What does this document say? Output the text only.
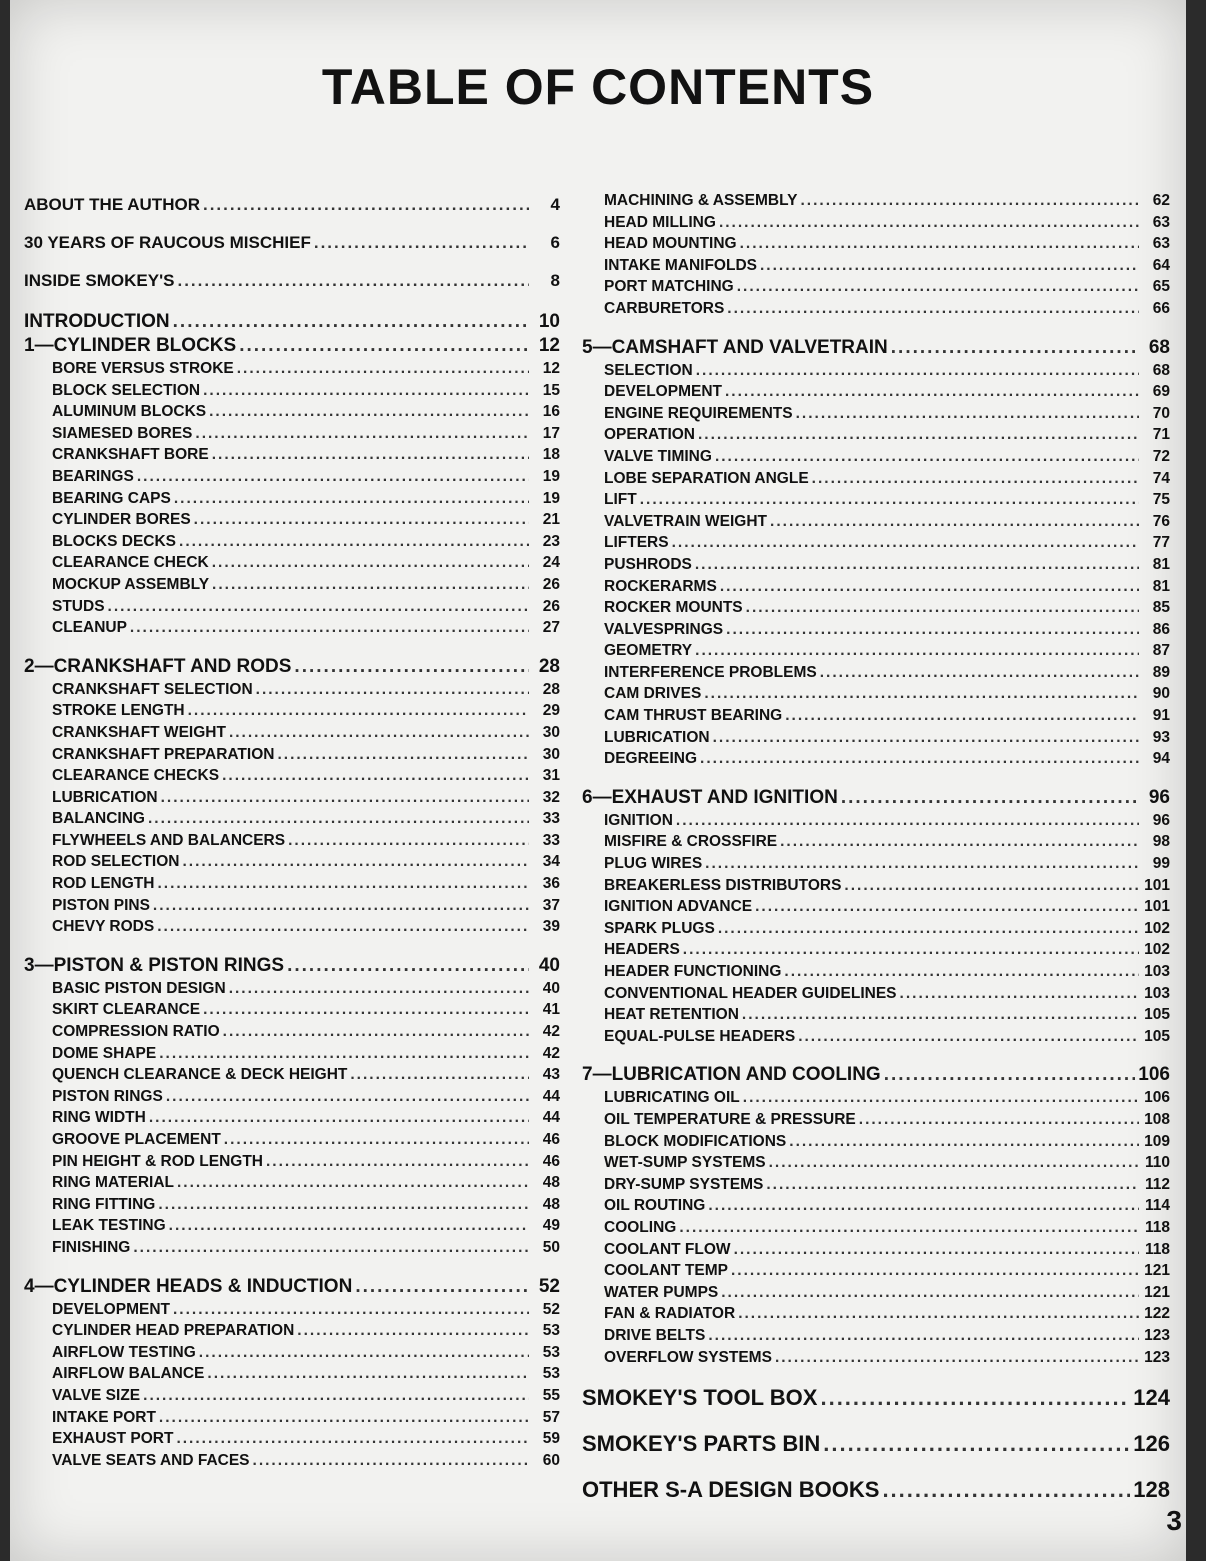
TABLE OF CONTENTS
ABOUT THE AUTHOR .....	4
30 YEARS OF RAUCOUS MISCHIEF .....	6
INSIDE SMOKEY'S .....	8
INTRODUCTION .....	10
1—CYLINDER BLOCKS .....	12
BORE VERSUS STROKE .....	12
BLOCK SELECTION .....	15
ALUMINUM BLOCKS .....	16
SIAMESED BORES .....	17
CRANKSHAFT BORE .....	18
BEARINGS .....	19
BEARING CAPS .....	19
CYLINDER BORES .....	21
BLOCKS DECKS .....	23
CLEARANCE CHECK .....	24
MOCKUP ASSEMBLY .....	26
STUDS .....	26
CLEANUP .....	27
2—CRANKSHAFT AND RODS .....	28
CRANKSHAFT SELECTION .....	28
STROKE LENGTH .....	29
CRANKSHAFT WEIGHT .....	30
CRANKSHAFT PREPARATION .....	30
CLEARANCE CHECKS .....	31
LUBRICATION .....	32
BALANCING .....	33
FLYWHEELS AND BALANCERS .....	33
ROD SELECTION .....	34
ROD LENGTH .....	36
PISTON PINS .....	37
CHEVY RODS .....	39
3—PISTON & PISTON RINGS .....	40
BASIC PISTON DESIGN .....	40
SKIRT CLEARANCE .....	41
COMPRESSION RATIO .....	42
DOME SHAPE .....	42
QUENCH CLEARANCE & DECK HEIGHT .....	43
PISTON RINGS .....	44
RING WIDTH .....	44
GROOVE PLACEMENT .....	46
PIN HEIGHT & ROD LENGTH .....	46
RING MATERIAL .....	48
RING FITTING .....	48
LEAK TESTING .....	49
FINISHING .....	50
4—CYLINDER HEADS & INDUCTION .....	52
DEVELOPMENT .....	52
CYLINDER HEAD PREPARATION .....	53
AIRFLOW TESTING .....	53
AIRFLOW BALANCE .....	53
VALVE SIZE .....	55
INTAKE PORT .....	57
EXHAUST PORT .....	59
VALVE SEATS AND FACES .....	60
MACHINING & ASSEMBLY .....	62
HEAD MILLING .....	63
HEAD MOUNTING .....	63
INTAKE MANIFOLDS .....	64
PORT MATCHING .....	65
CARBURETORS .....	66
5—CAMSHAFT AND VALVETRAIN .....	68
SELECTION .....	68
DEVELOPMENT .....	69
ENGINE REQUIREMENTS .....	70
OPERATION .....	71
VALVE TIMING .....	72
LOBE SEPARATION ANGLE .....	74
LIFT .....	75
VALVETRAIN WEIGHT .....	76
LIFTERS .....	77
PUSHRODS .....	81
ROCKERARMS .....	81
ROCKER MOUNTS .....	85
VALVESPRINGS .....	86
GEOMETRY .....	87
INTERFERENCE PROBLEMS .....	89
CAM DRIVES .....	90
CAM THRUST BEARING .....	91
LUBRICATION .....	93
DEGREEING .....	94
6—EXHAUST AND IGNITION .....	96
IGNITION .....	96
MISFIRE & CROSSFIRE .....	98
PLUG WIRES .....	99
BREAKERLESS DISTRIBUTORS .....	101
IGNITION ADVANCE .....	101
SPARK PLUGS .....	102
HEADERS .....	102
HEADER FUNCTIONING .....	103
CONVENTIONAL HEADER GUIDELINES .....	103
HEAT RETENTION .....	105
EQUAL-PULSE HEADERS .....	105
7—LUBRICATION AND COOLING .....	106
LUBRICATING OIL .....	106
OIL TEMPERATURE & PRESSURE .....	108
BLOCK MODIFICATIONS .....	109
WET-SUMP SYSTEMS .....	110
DRY-SUMP SYSTEMS .....	112
OIL ROUTING .....	114
COOLING .....	118
COOLANT FLOW .....	118
COOLANT TEMP .....	121
WATER PUMPS .....	121
FAN & RADIATOR .....	122
DRIVE BELTS .....	123
OVERFLOW SYSTEMS .....	123
SMOKEY'S TOOL BOX .....	124
SMOKEY'S PARTS BIN .....	126
OTHER S-A DESIGN BOOKS .....	128
3
